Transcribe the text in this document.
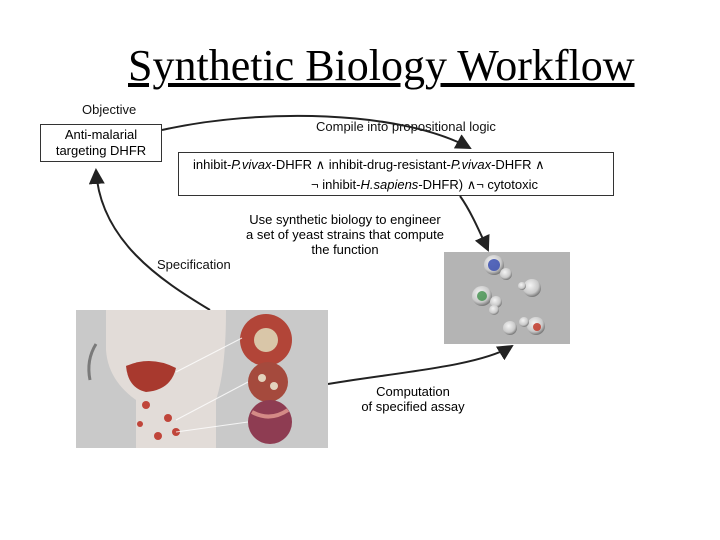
Synthetic Biology Workflow
Objective
Anti-malarial
targeting DHFR
Compile into propositional logic
inhibit-P.vivax-DHFR ∧ inhibit-drug-resistant-P.vivax-DHFR ∧
¬ inhibit-H.sapiens-DHFR) ∧¬ cytotoxic
Use synthetic biology to engineer
a set of yeast strains that compute
the function
Specification
Computation
of specified assay
